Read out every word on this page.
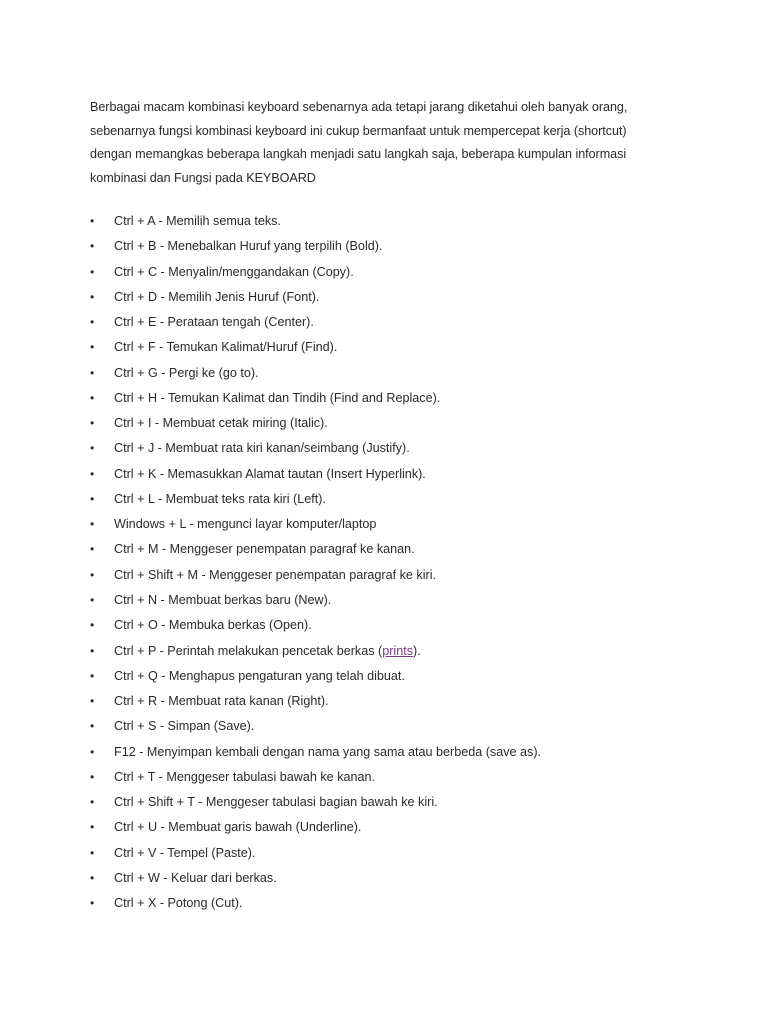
Berbagai macam kombinasi keyboard sebenarnya ada tetapi jarang diketahui oleh banyak orang,
sebenarnya fungsi kombinasi keyboard ini cukup bermanfaat untuk mempercepat kerja (shortcut)
dengan memangkas beberapa langkah menjadi satu langkah saja, beberapa kumpulan informasi
kombinasi dan Fungsi pada KEYBOARD

•	Ctrl + A - Memilih semua teks.
•	Ctrl + B - Menebalkan Huruf yang terpilih (Bold).
•	Ctrl + C - Menyalin/menggandakan (Copy).
•	Ctrl + D - Memilih Jenis Huruf (Font).
•	Ctrl + E - Perataan tengah (Center).
•	Ctrl + F - Temukan Kalimat/Huruf (Find).
•	Ctrl + G - Pergi ke (go to).
•	Ctrl + H - Temukan Kalimat dan Tindih (Find and Replace).
•	Ctrl + I - Membuat cetak miring (Italic).
•	Ctrl + J - Membuat rata kiri kanan/seimbang (Justify).
•	Ctrl + K - Memasukkan Alamat tautan (Insert Hyperlink).
•	Ctrl + L - Membuat teks rata kiri (Left).
•	Windows + L - mengunci layar komputer/laptop
•	Ctrl + M - Menggeser penempatan paragraf ke kanan.
•	Ctrl + Shift + M - Menggeser penempatan paragraf ke kiri.
•	Ctrl + N - Membuat berkas baru (New).
•	Ctrl + O - Membuka berkas (Open).
•	Ctrl + P - Perintah melakukan pencetak berkas (prints).
•	Ctrl + Q - Menghapus pengaturan yang telah dibuat.
•	Ctrl + R - Membuat rata kanan (Right).
•	Ctrl + S - Simpan (Save).
•	F12 - Menyimpan kembali dengan nama yang sama atau berbeda (save as).
•	Ctrl + T - Menggeser tabulasi bawah ke kanan.
•	Ctrl + Shift + T - Menggeser tabulasi bagian bawah ke kiri.
•	Ctrl + U - Membuat garis bawah (Underline).
•	Ctrl + V - Tempel (Paste).
•	Ctrl + W - Keluar dari berkas.
•	Ctrl + X - Potong (Cut).
